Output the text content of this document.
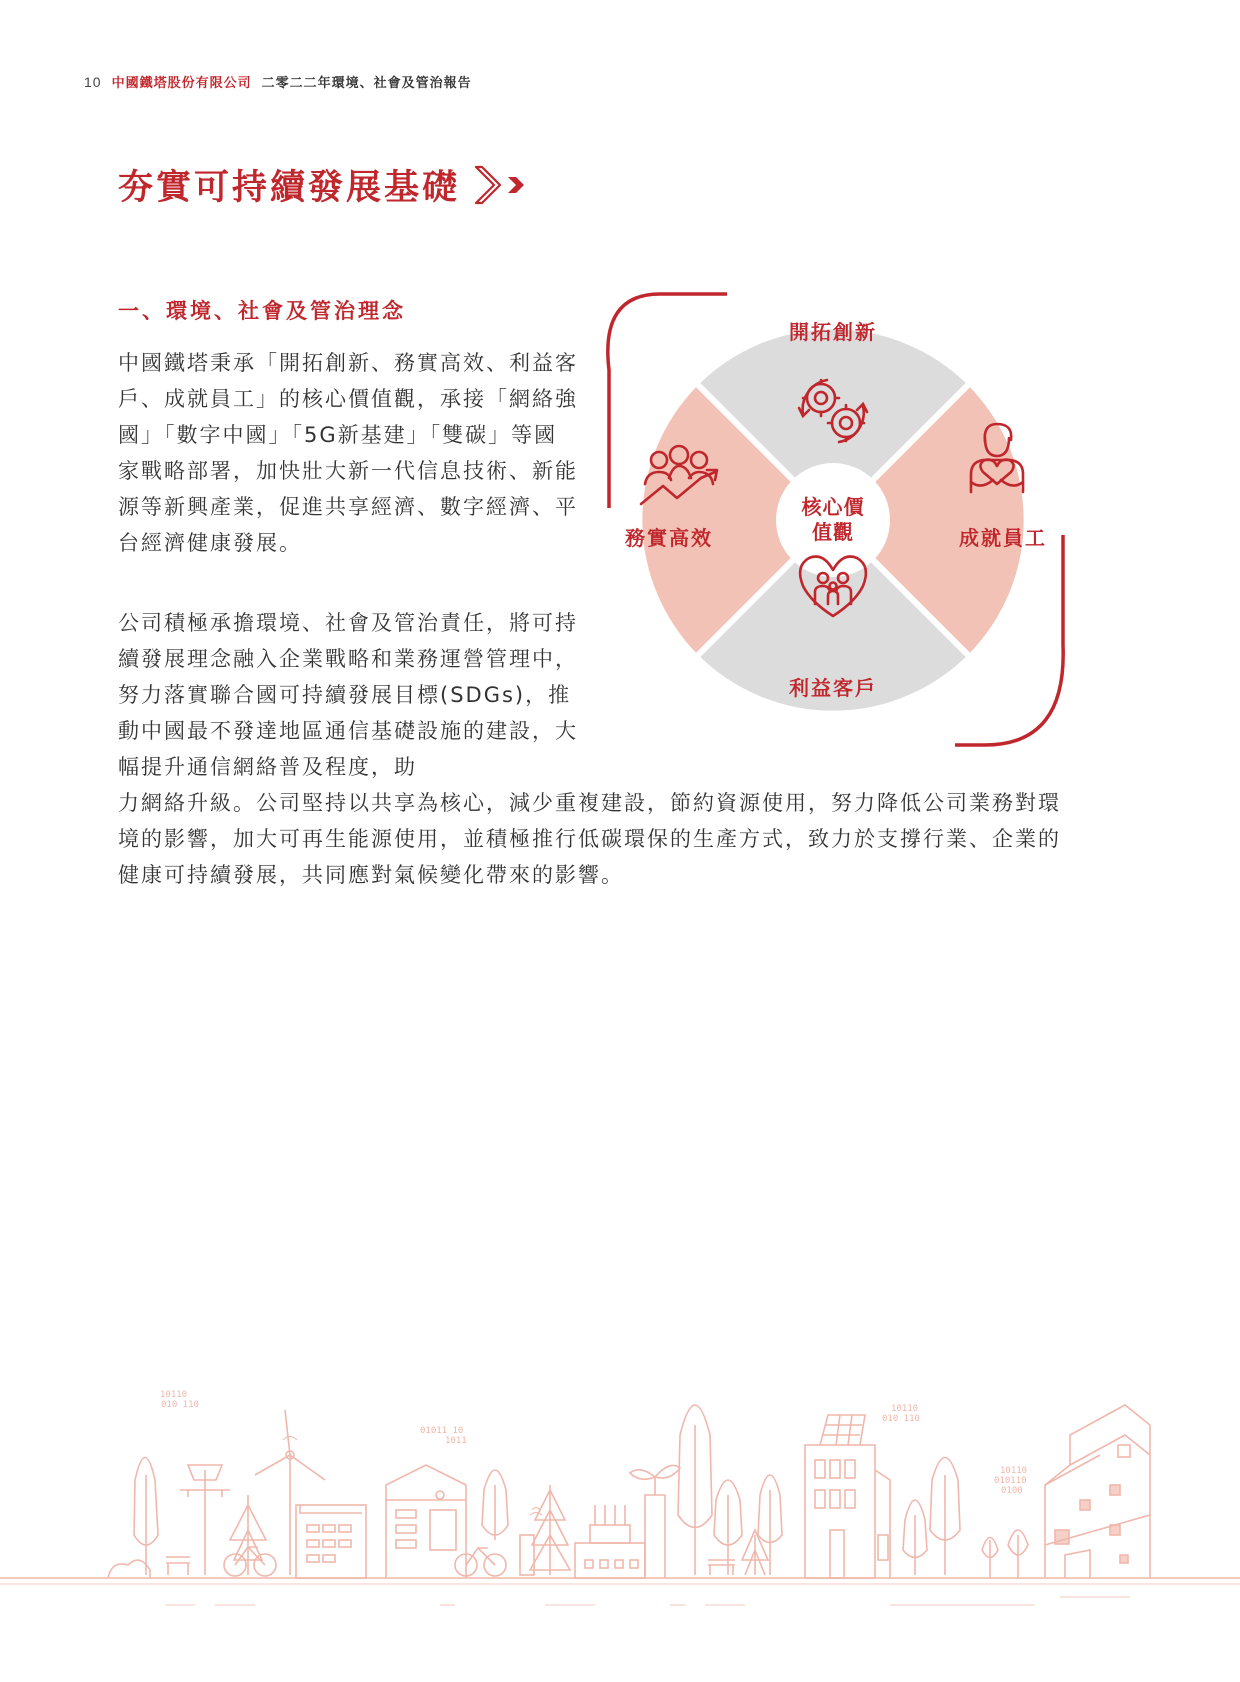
10 中國鐵塔股份有限公司 二零二二年環境、社會及管治報告
夯實可持續發展基礎
一、環境、社會及管治理念

中國鐵塔秉承「開拓創新、務實高效、利益客戶、成就員工」的核心價值觀，承接「網絡強國」「數字中國」「5G新基建」「雙碳」等國家戰略部署，加快壯大新一代信息技術、新能源等新興產業，促進共享經濟、數字經濟、平台經濟健康發展。

公司積極承擔環境、社會及管治責任，將可持續發展理念融入企業戰略和業務運營管理中，努力落實聯合國可持續發展目標(SDGs)，推動中國最不發達地區通信基礎設施的建設，大幅提升通信網絡普及程度，助

力網絡升級。公司堅持以共享為核心，減少重複建設，節約資源使用，努力降低公司業務對環境的影響，加大可再生能源使用，並積極推行低碳環保的生產方式，致力於支撐行業、企業的健康可持續發展，共同應對氣候變化帶來的影響。

核心價
值觀
開拓創新
成就員工
利益客戶
務實高效
10110
010 110
01011 10
1011
10110
010 110
10110
010110
0100
